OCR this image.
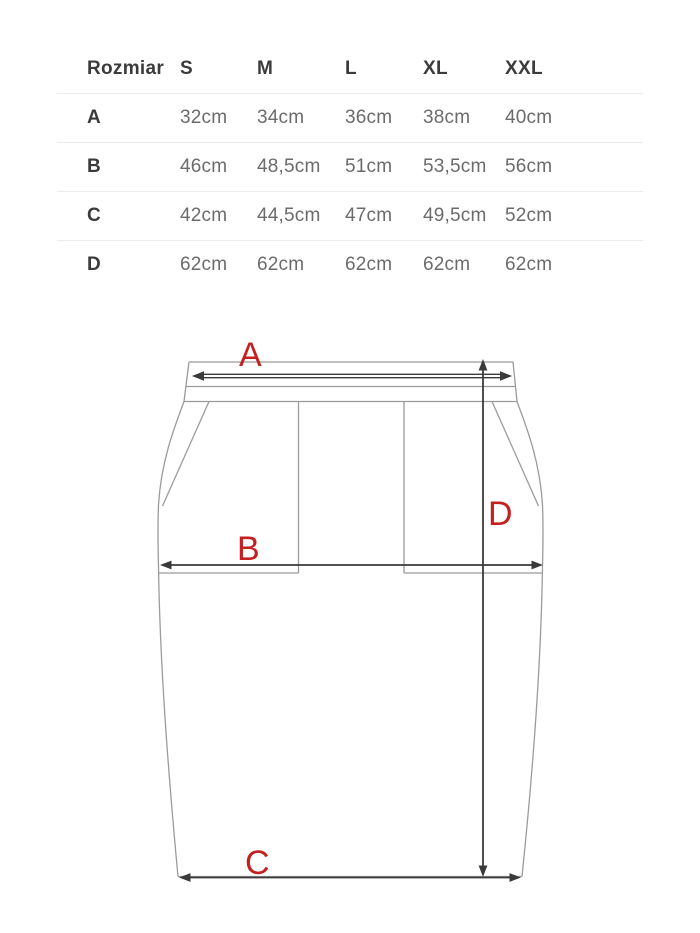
Rozmiar S	M	L	XL	XXL
A	32cm	34cm	36cm	38cm	40cm
B	46cm	48,5cm	51cm	53,5cm 56cm
C	42cm	44,5cm	47cm	49,5cm 52cm
D	62cm	62cm	62cm	62cm	62cm
A
B
C
D
